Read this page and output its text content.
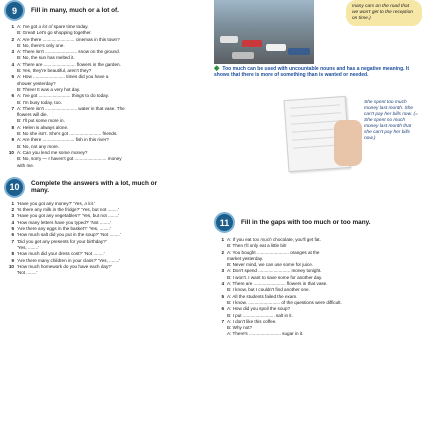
9	Fill in many, much or a lot of.
1 A: I've got a lot of spare time today.
B: Great! Let's go shopping together.
2 A: Are there ......................... cinemas in this town?
B: No, there's only one.
3 A: There isn't ......................... snow on the ground.
B: No, the sun has melted it.
4 A: There are ......................... flowers in the garden.
B: Yes, they're beautiful, aren't they?
5 A: How ......................... times did you have a
shower yesterday?
B: Three! It was a very hot day.
6 A: I've got ......................... things to do today.
B: I'm busy today, too.
7 A: There isn't ......................... water in that vase. The
flowers will die.
B: I'll put some more in.
8 A: Helen is always alone.
B: No she isn't. She's got ......................... friends.
9 A: Are there ......................... fish in this river?
B: No, not any more.
10 A: Can you lend me some money?
B: No, sorry — I haven't got ......................... money
with me.
10	Complete the answers with a lot, much or many.
1 'Have you got any money?' 'Yes, a lot.'
2 'Is there any milk in the fridge?' 'Yes, but not ........'
3 'Have you got any vegetables?' 'Yes, but not ........'
4 'How many letters have you typed?' 'Not ........'
5 'Are there any eggs in the basket?' 'Yes, ........'
6 'How much salt did you put in the soup?' 'Not ........'
7 'Did you get any presents for your birthday?'
'Yes, ........'
8 'How much did your dress cost?' 'Not ........'
9 'Are there many children in your class?' 'Yes, ........'
10 'How much homework do you have each day?'
'Not ........'
many cars on the road that we won't get to the reception on time.)
◆ Too much can be used with uncountable nouns and has a negative meaning. It shows that there is more of something than is wanted or needed.
She spent too much money last month. She can't pay her bills now. (= She spent so much money last month that she can't pay her bills now.)
11	Fill in the gaps with too much or too many.
1 A: If you eat too much chocolate, you'll get fat.
B: Then I'll only eat a little bit!
2 A: You bought ......................... oranges at the
market yesterday.
B: Never mind, we can use some for juice.
3 A: Don't spend ......................... money tonight.
B: I won't. I want to save some for another day.
4 A: There are ......................... flowers in that vase.
B: I know, but I couldn't find another one.
5 A: All the students failed the exam.
B: I know. ......................... of the questions were difficult.
6 A: How did you spoil the soup?
B: I put ......................... salt in it.
7 A: I don't like this coffee.
B: Why not?
A: There's ......................... sugar in it.
